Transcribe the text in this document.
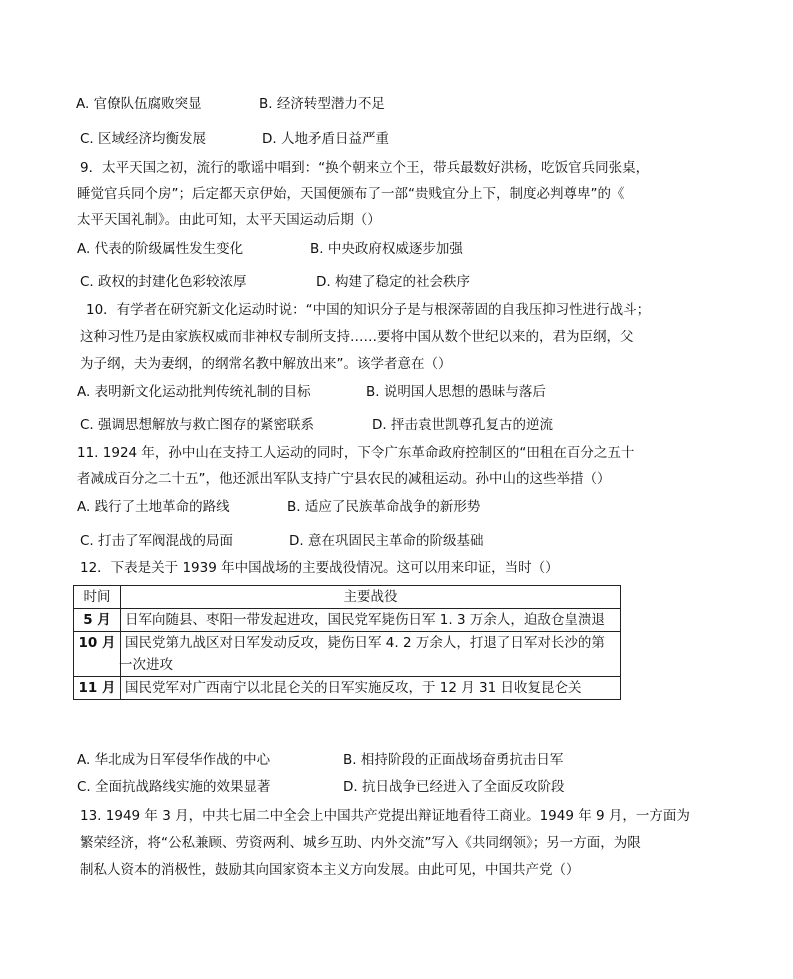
A. 官僚队伍腐败突显	B. 经济转型潜力不足
C. 区域经济均衡发展	D. 人地矛盾日益严重
9．太平天国之初，流行的歌谣中唱到：“换个朝来立个王，带兵最数好洪杨，吃饭官兵同张桌，
睡觉官兵同个房”；后定都天京伊始，天国便颁布了一部“贵贱宜分上下，制度必判尊卑”的《
太平天国礼制》。由此可知，太平天国运动后期（）
A. 代表的阶级属性发生变化	B. 中央政府权威逐步加强
C. 政权的封建化色彩较浓厚	D. 构建了稳定的社会秩序
10．有学者在研究新文化运动时说：“中国的知识分子是与根深蒂固的自我压抑习性进行战斗；
这种习性乃是由家族权威而非神权专制所支持……要将中国从数个世纪以来的，君为臣纲，父
为子纲，夫为妻纲，的纲常名教中解放出来”。该学者意在（）
A. 表明新文化运动批判传统礼制的目标	B. 说明国人思想的愚昧与落后
C. 强调思想解放与救亡图存的紧密联系	D. 抨击袁世凯尊孔复古的逆流
11. 1924 年，孙中山在支持工人运动的同时，下令广东革命政府控制区的“田租在百分之五十
者减成百分之二十五”，他还派出军队支持广宁县农民的减租运动。孙中山的这些举措（）
A. 践行了土地革命的路线	B. 适应了民族革命战争的新形势
C. 打击了军阀混战的局面	D. 意在巩固民主革命的阶级基础
12．下表是关于 1939 年中国战场的主要战役情况。这可以用来印证，当时（）
时间	主要战役
5 月	日军向随县、枣阳一带发起进攻，国民党军毙伤日军 1. 3 万余人，迫敌仓皇溃退
10 月	国民党第九战区对日军发动反攻，毙伤日军 4. 2 万余人，打退了日军对长沙的第
一次进攻

11 月	国民党军对广西南宁以北昆仑关的日军实施反攻，于 12 月 31 日收复昆仑关
A. 华北成为日军侵华作战的中心	B. 相持阶段的正面战场奋勇抗击日军
C. 全面抗战路线实施的效果显著	D. 抗日战争已经进入了全面反攻阶段
13. 1949 年 3 月，中共七届二中全会上中国共产党提出辩证地看待工商业。1949 年 9 月，一方面为
繁荣经济，将“公私兼顾、劳资两利、城乡互助、内外交流”写入《共同纲领》；另一方面，为限
制私人资本的消极性，鼓励其向国家资本主义方向发展。由此可见，中国共产党（）
